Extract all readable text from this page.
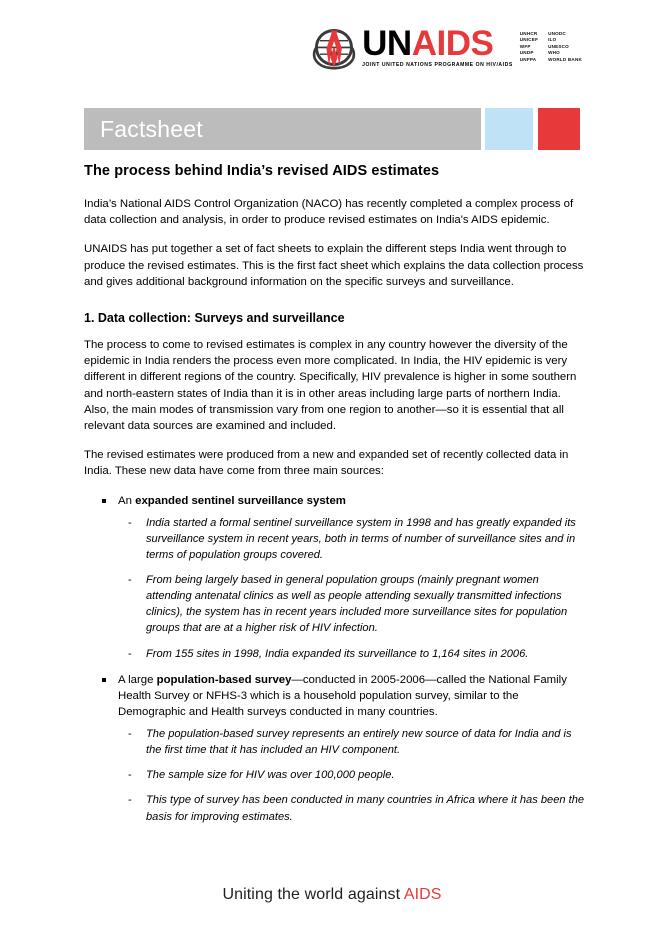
UNAIDS
JOINT UNITED NATIONS PROGRAMME ON HIV/AIDS
UNHCR
UNICEF
WFP
UNDP
UNFPA
UNODC
ILO
UNESCO
WHO
WORLD BANK
Factsheet
The process behind India’s revised AIDS estimates

India’s National AIDS Control Organization (NACO) has recently completed a complex process of data collection and analysis, in order to produce revised estimates on India's AIDS epidemic.

UNAIDS has put together a set of fact sheets to explain the different steps India went through to produce the revised estimates. This is the first fact sheet which explains the data collection process and gives additional background information on the specific surveys and surveillance.

1. Data collection: Surveys and surveillance

The process to come to revised estimates is complex in any country however the diversity of the epidemic in India renders the process even more complicated. In India, the HIV epidemic is very different in different regions of the country. Specifically, HIV prevalence is higher in some southern and north-eastern states of India than it is in other areas including large parts of northern India. Also, the main modes of transmission vary from one region to another—so it is essential that all relevant data sources are examined and included.

The revised estimates were produced from a new and expanded set of recently collected data in India. These new data have come from three main sources:

An expanded sentinel surveillance system
- India started a formal sentinel surveillance system in 1998 and has greatly expanded its surveillance system in recent years, both in terms of number of surveillance sites and in terms of population groups covered.
- From being largely based in general population groups (mainly pregnant women attending antenatal clinics as well as people attending sexually transmitted infections clinics), the system has in recent years included more surveillance sites for population groups that are at a higher risk of HIV infection.
- From 155 sites in 1998, India expanded its surveillance to 1,164 sites in 2006.
A large population-based survey—conducted in 2005-2006—called the National Family Health Survey or NFHS-3 which is a household population survey, similar to the Demographic and Health surveys conducted in many countries.
- The population-based survey represents an entirely new source of data for India and is the first time that it has included an HIV component.
- The sample size for HIV was over 100,000 people.
- This type of survey has been conducted in many countries in Africa where it has been the basis for improving estimates.
Uniting the world against AIDS
